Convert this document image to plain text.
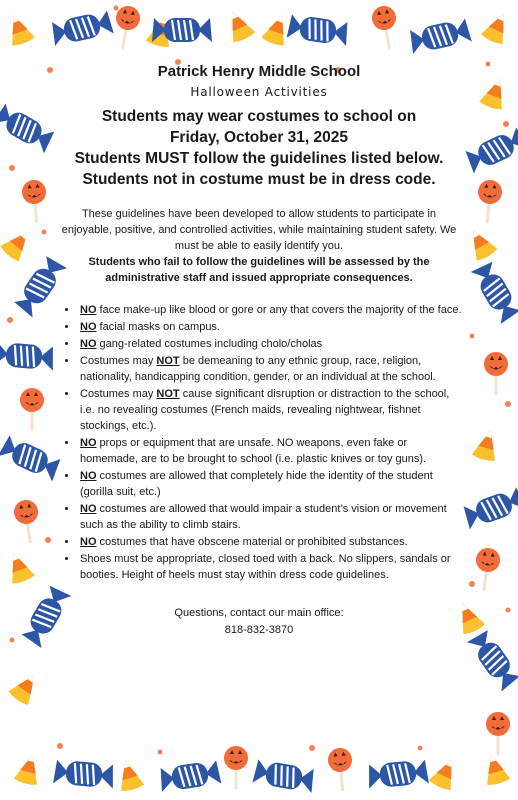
Patrick Henry Middle School

Halloween Activities

Students may wear costumes to school on
Friday, October 31, 2025
Students MUST follow the guidelines listed below.
Students not in costume must be in dress code.

These guidelines have been developed to allow students to participate in enjoyable, positive, and controlled activities, while maintaining student safety. We must be able to easily identify you.

Students who fail to follow the guidelines will be assessed by the administrative staff and issued appropriate consequences.

• NO face make-up like blood or gore or any that covers the majority of the face.
• NO facial masks on campus.
• NO gang-related costumes including cholo/cholas
• Costumes may NOT be demeaning to any ethnic group, race, religion, nationality, handicapping condition, gender, or an individual at the school.
• Costumes may NOT cause significant disruption or distraction to the school, i.e. no revealing costumes (French maids, revealing nightwear, fishnet stockings, etc.).
• NO props or equipment that are unsafe. NO weapons, even fake or homemade, are to be brought to school (i.e. plastic knives or toy guns).
• NO costumes are allowed that completely hide the identity of the student (gorilla suit, etc.)
• NO costumes are allowed that would impair a student’s vision or movement such as the ability to climb stairs.
• NO costumes that have obscene material or prohibited substances.
• Shoes must be appropriate, closed toed with a back. No slippers, sandals or booties. Height of heels must stay within dress code guidelines.

Questions, contact our main office:
818-832-3870
